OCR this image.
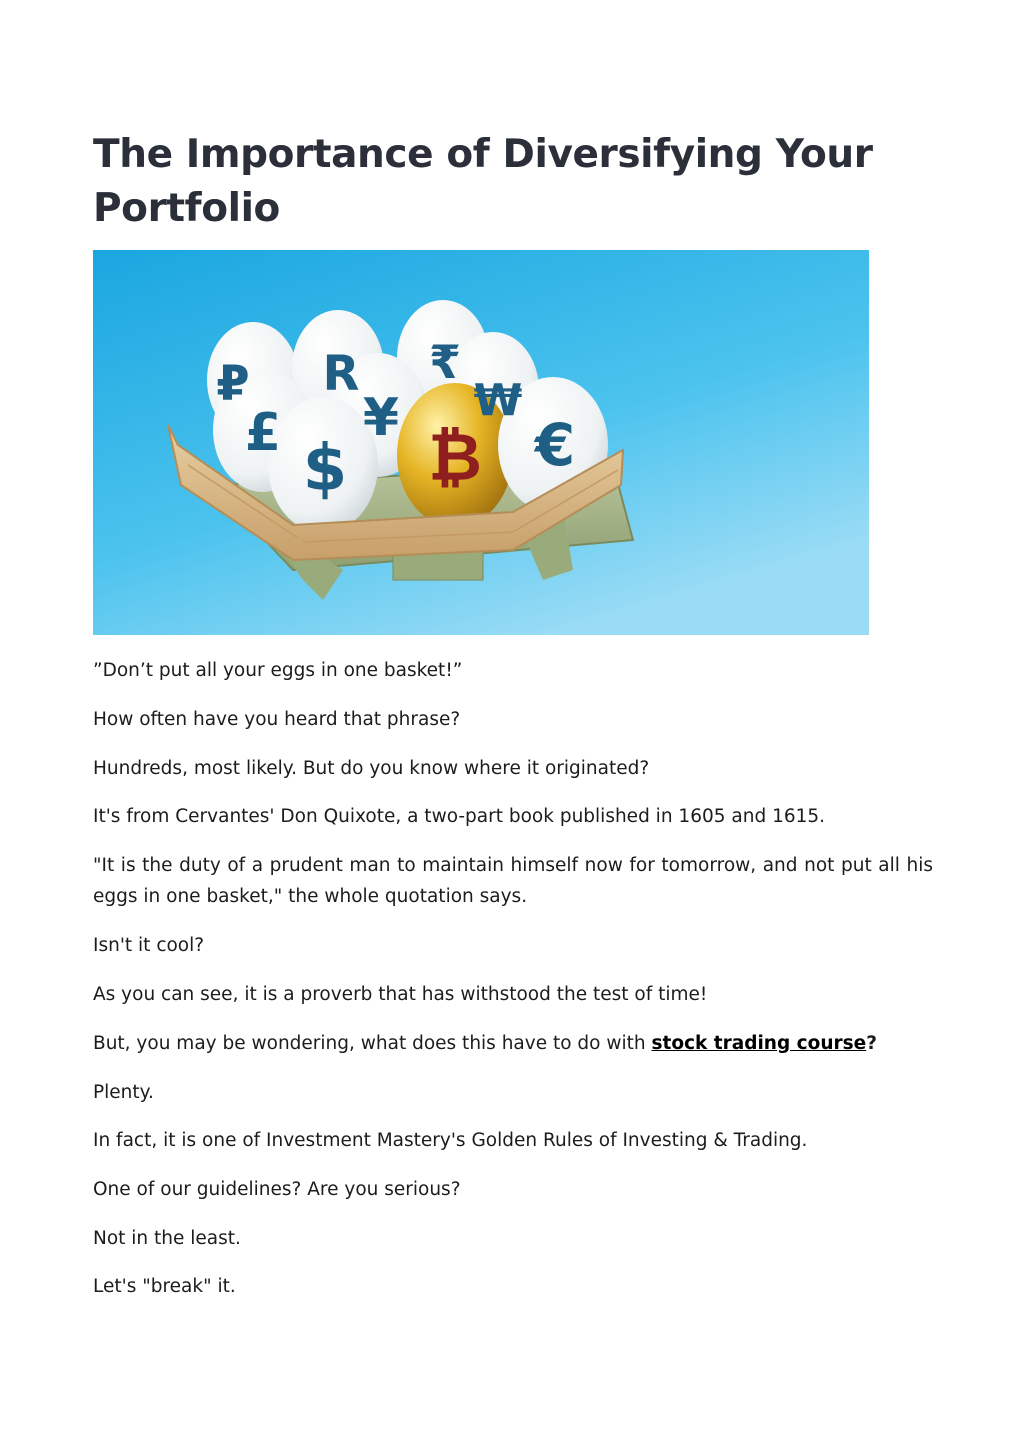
The Importance of Diversifying Your Portfolio
₽ R ₹
£ ¥ ₩
$ ₿ €

”Don’t put all your eggs in one basket!”

How often have you heard that phrase?

Hundreds, most likely. But do you know where it originated?

It's from Cervantes' Don Quixote, a two-part book published in 1605 and 1615.

"It is the duty of a prudent man to maintain himself now for tomorrow, and not put all his eggs in one basket," the whole quotation says.

Isn't it cool?

As you can see, it is a proverb that has withstood the test of time!

But, you may be wondering, what does this have to do with stock trading course?

Plenty.

In fact, it is one of Investment Mastery's Golden Rules of Investing & Trading.

One of our guidelines? Are you serious?

Not in the least.

Let's "break" it.
